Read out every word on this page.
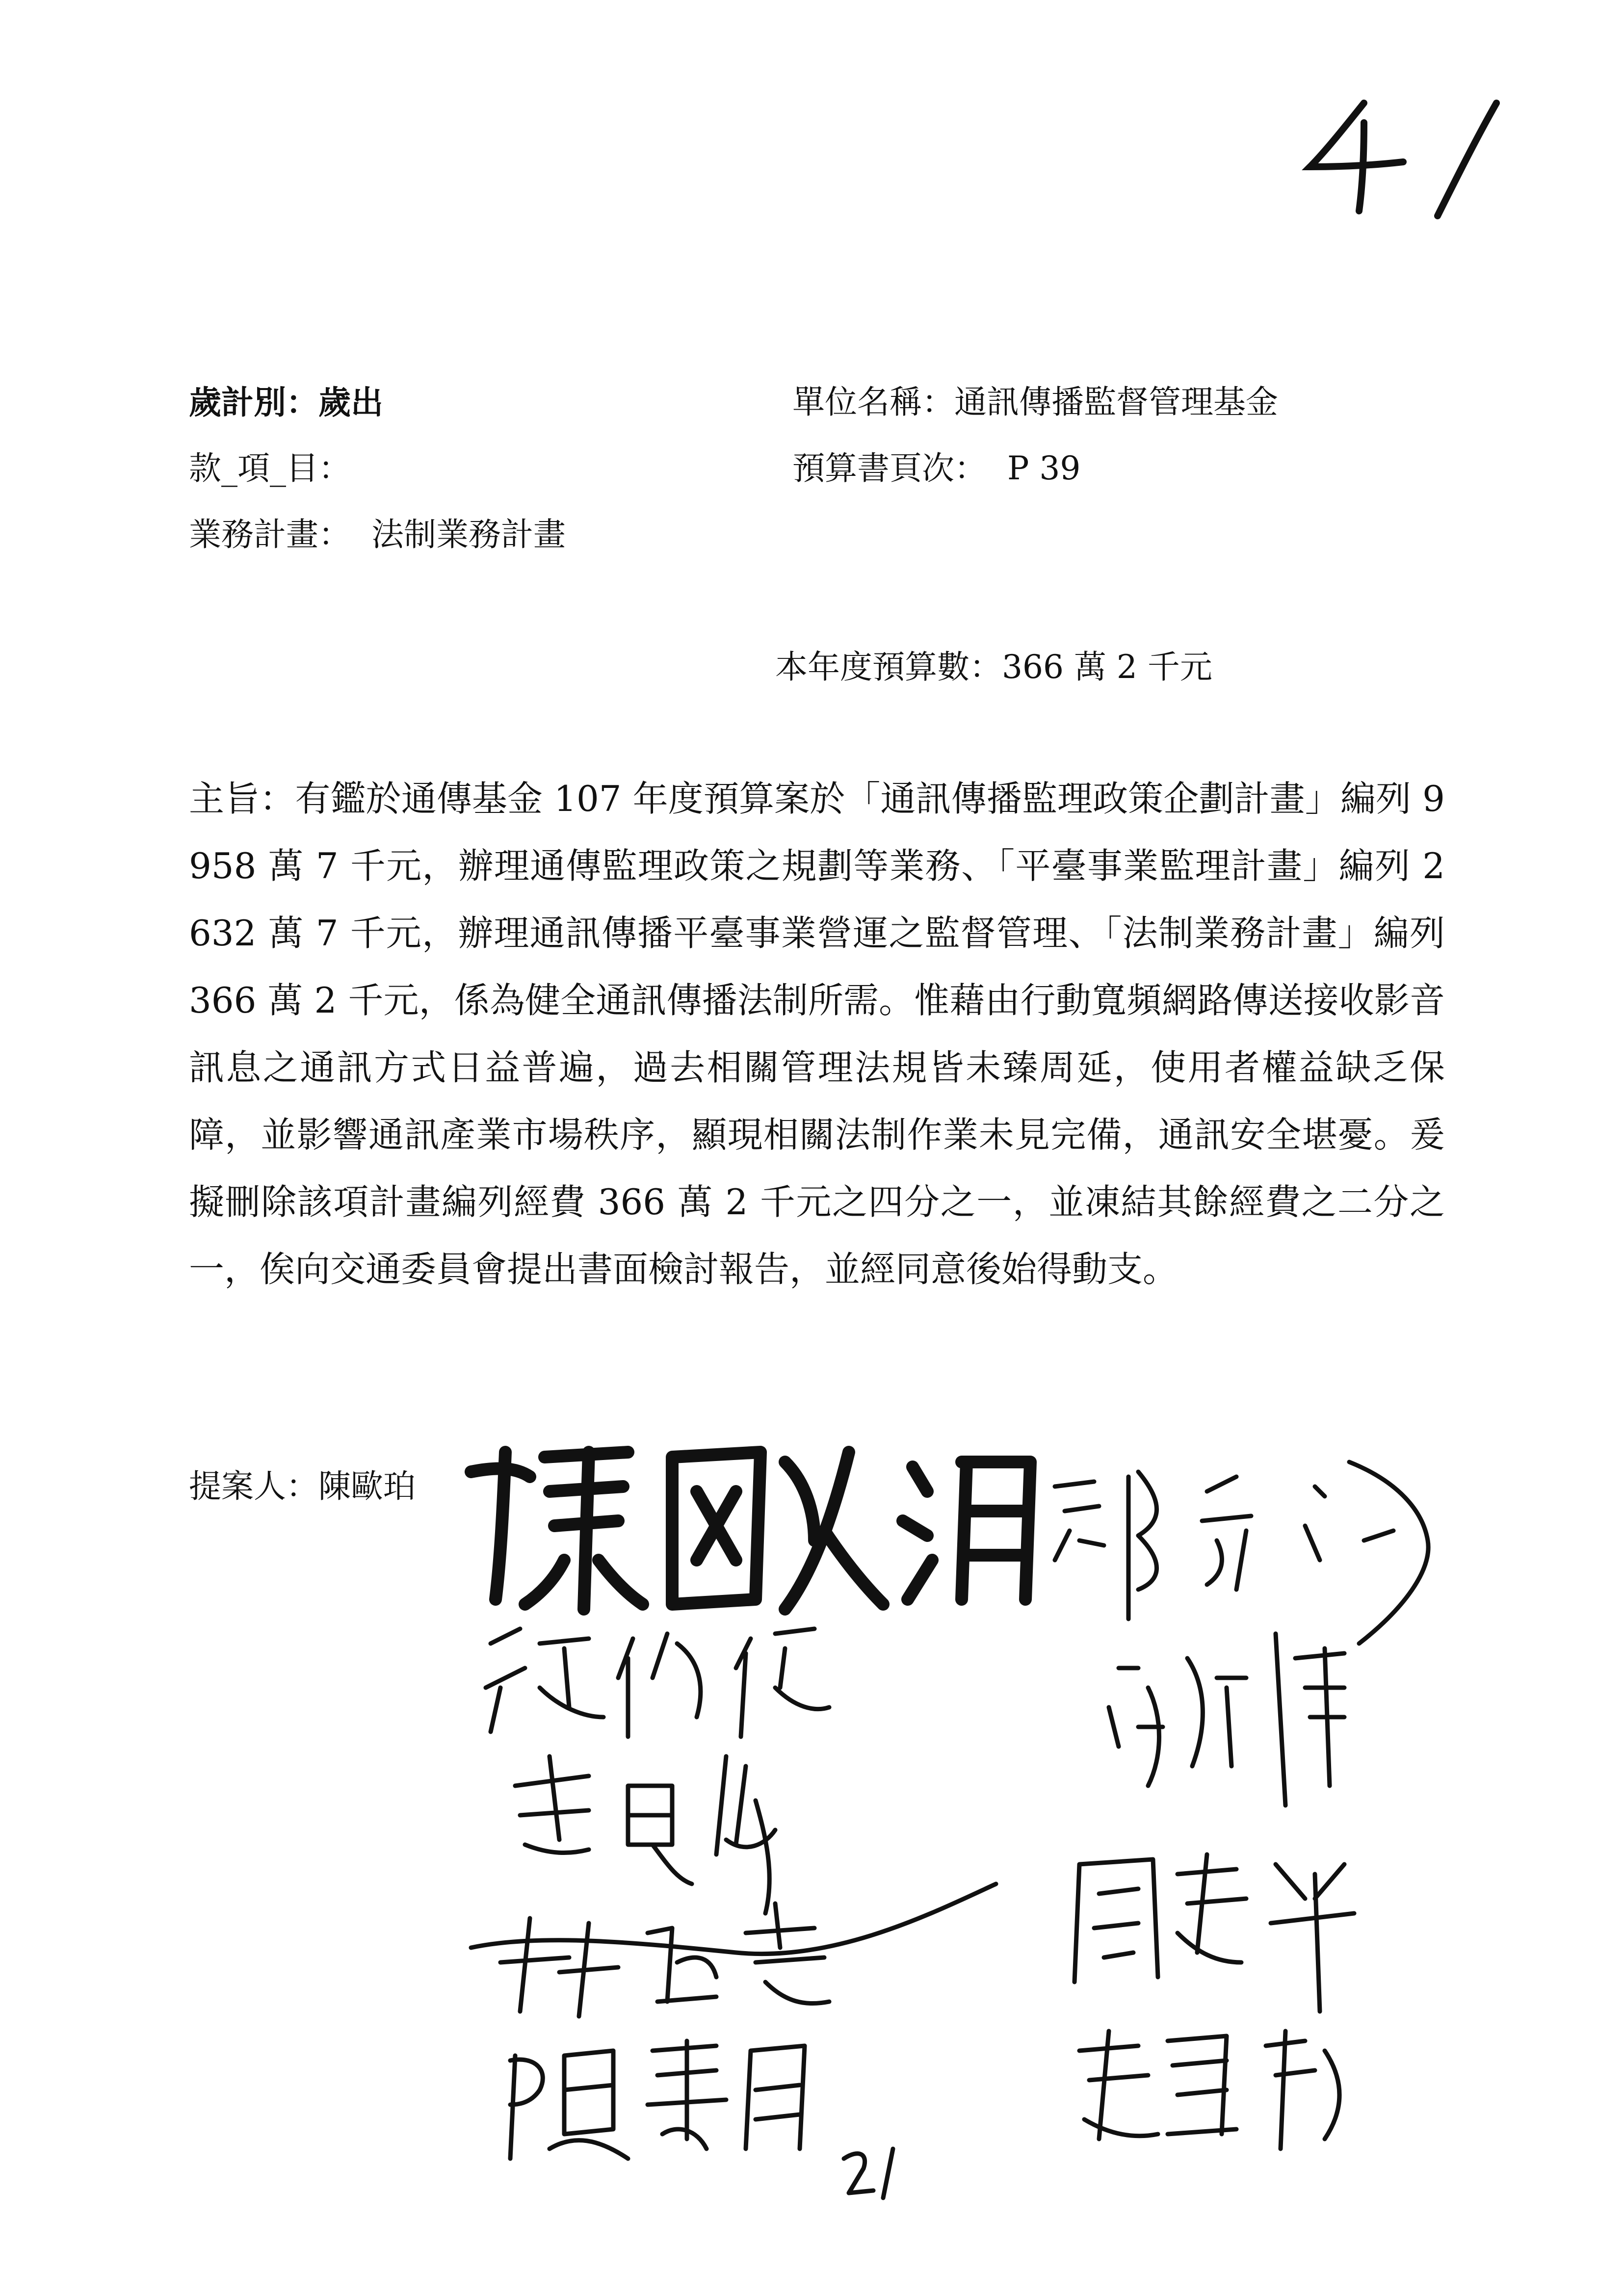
歲計別：歲出	單位名稱：通訊傳播監督管理基金
款_項_目：	預算書頁次： P 39
業務計畫： 法制業務計畫
本年度預算數：366 萬 2 千元
主旨：有鑑於通傳基金 107 年度預算案於「通訊傳播監理政策企劃計畫」編列 9958 萬 7 千元，辦理通傳監理政策之規劃等業務、「平臺事業監理計畫」編列 2632 萬 7 千元，辦理通訊傳播平臺事業營運之監督管理、「法制業務計畫」編列 366 萬 2 千元，係為健全通訊傳播法制所需。惟藉由行動寬頻網路傳送接收影音訊息之通訊方式日益普遍，過去相關管理法規皆未臻周延，使用者權益缺乏保障，並影響通訊產業市場秩序，顯現相關法制作業未見完備，通訊安全堪憂。爰擬刪除該項計畫編列經費 366 萬 2 千元之四分之一，並凍結其餘經費之二分之一，俟向交通委員會提出書面檢討報告，並經同意後始得動支。
提案人：陳歐珀
